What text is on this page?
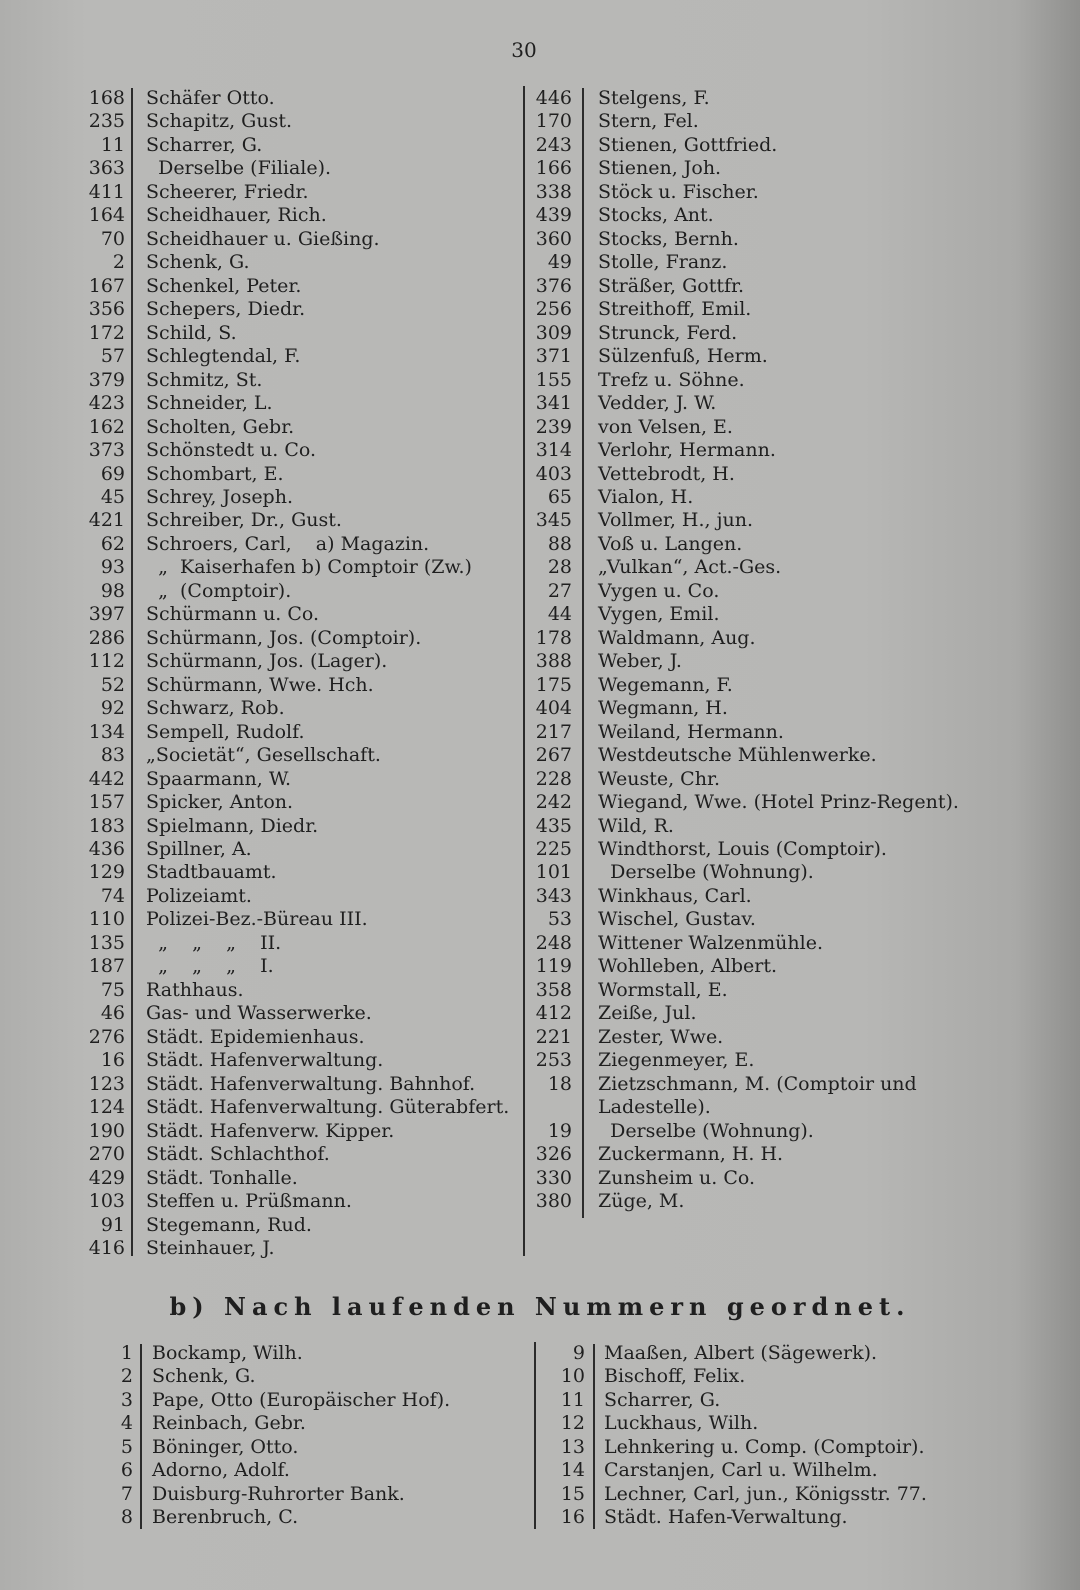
30
168 Schäfer Otto.
235 Schapitz, Gust.
11 Scharrer, G.
363 Derselbe (Filiale).
411 Scheerer, Friedr.
164 Scheidhauer, Rich.
70 Scheidhauer u. Gießing.
2 Schenk, G.
167 Schenkel, Peter.
356 Schepers, Diedr.
172 Schild, S.
57 Schlegtendal, F.
379 Schmitz, St.
423 Schneider, L.
162 Scholten, Gebr.
373 Schönstedt u. Co.
69 Schombart, E.
45 Schrey, Joseph.
421 Schreiber, Dr., Gust.
62 Schroers, Carl,    a) Magazin.
93 „  Kaiserhafen b) Comptoir (Zw.)
98 „  (Comptoir).
397 Schürmann u. Co.
286 Schürmann, Jos. (Comptoir).
112 Schürmann, Jos. (Lager).
52 Schürmann, Wwe. Hch.
92 Schwarz, Rob.
134 Sempell, Rudolf.
83 „Societät“, Gesellschaft.
442 Spaarmann, W.
157 Spicker, Anton.
183 Spielmann, Diedr.
436 Spillner, A.
129 Stadtbauamt.
74 Polizeiamt.
110 Polizei-Bez.-Büreau III.
135 „    „    „    II.
187 „    „    „    I.
75 Rathhaus.
46 Gas- und Wasserwerke.
276 Städt. Epidemienhaus.
16 Städt. Hafenverwaltung.
123 Städt. Hafenverwaltung. Bahnhof.
124 Städt. Hafenverwaltung. Güterabfert.
190 Städt. Hafenverw. Kipper.
270 Städt. Schlachthof.
429 Städt. Tonhalle.
103 Steffen u. Prüßmann.
91 Stegemann, Rud.
416 Steinhauer, J.
446 Stelgens, F.
170 Stern, Fel.
243 Stienen, Gottfried.
166 Stienen, Joh.
338 Stöck u. Fischer.
439 Stocks, Ant.
360 Stocks, Bernh.
49 Stolle, Franz.
376 Sträßer, Gottfr.
256 Streithoff, Emil.
309 Strunck, Ferd.
371 Sülzenfuß, Herm.
155 Trefz u. Söhne.
341 Vedder, J. W.
239 von Velsen, E.
314 Verlohr, Hermann.
403 Vettebrodt, H.
65 Vialon, H.
345 Vollmer, H., jun.
88 Voß u. Langen.
28 „Vulkan“, Act.-Ges.
27 Vygen u. Co.
44 Vygen, Emil.
178 Waldmann, Aug.
388 Weber, J.
175 Wegemann, F.
404 Wegmann, H.
217 Weiland, Hermann.
267 Westdeutsche Mühlenwerke.
228 Weuste, Chr.
242 Wiegand, Wwe. (Hotel Prinz-Regent).
435 Wild, R.
225 Windthorst, Louis (Comptoir).
101 Derselbe (Wohnung).
343 Winkhaus, Carl.
53 Wischel, Gustav.
248 Wittener Walzenmühle.
119 Wohlleben, Albert.
358 Wormstall, E.
412 Zeiße, Jul.
221 Zester, Wwe.
253 Ziegenmeyer, E.
18 Zietzschmann, M. (Comptoir und
Ladestelle).
19 Derselbe (Wohnung).
326 Zuckermann, H. H.
330 Zunsheim u. Co.
380 Züge, M.
b) Nach laufenden Nummern geordnet.
1 Bockamp, Wilh.
2 Schenk, G.
3 Pape, Otto (Europäischer Hof).
4 Reinbach, Gebr.
5 Böninger, Otto.
6 Adorno, Adolf.
7 Duisburg-Ruhrorter Bank.
8 Berenbruch, C.
9 Maaßen, Albert (Sägewerk).
10 Bischoff, Felix.
11 Scharrer, G.
12 Luckhaus, Wilh.
13 Lehnkering u. Comp. (Comptoir).
14 Carstanjen, Carl u. Wilhelm.
15 Lechner, Carl, jun., Königsstr. 77.
16 Städt. Hafen-Verwaltung.
